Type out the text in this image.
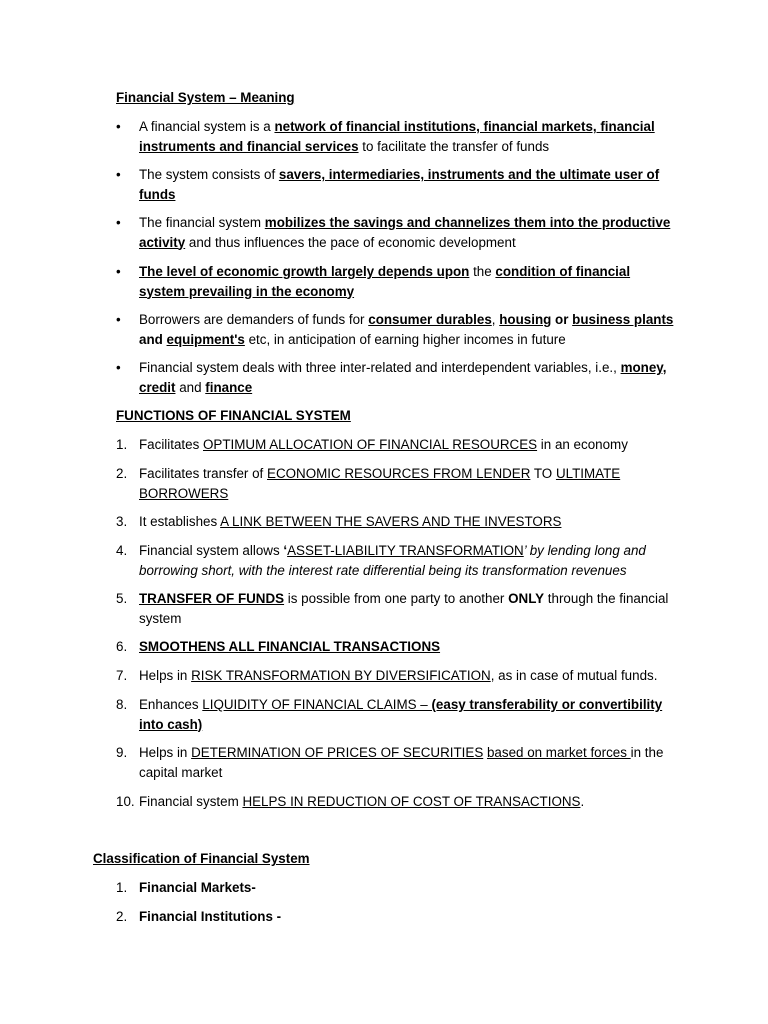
Financial System – Meaning
•	A financial system is a network of financial institutions, financial markets, financial instruments and financial services to facilitate the transfer of funds
•	The system consists of savers, intermediaries, instruments and the ultimate user of funds
•	The financial system mobilizes the savings and channelizes them into the productive activity and thus influences the pace of economic development
•	The level of economic growth largely depends upon the condition of financial system prevailing in the economy
•	Borrowers are demanders of funds for consumer durables, housing or business plants and equipment's etc, in anticipation of earning higher incomes in future
•	Financial system deals with three inter-related and interdependent variables, i.e., money, credit and finance
FUNCTIONS OF FINANCIAL SYSTEM
1. Facilitates OPTIMUM ALLOCATION OF FINANCIAL RESOURCES in an economy
2. Facilitates transfer of ECONOMIC RESOURCES FROM LENDER TO ULTIMATE BORROWERS
3. It establishes A LINK BETWEEN THE SAVERS AND THE INVESTORS
4. Financial system allows ‘ASSET-LIABILITY TRANSFORMATION’ by lending long and borrowing short, with the interest rate differential being its transformation revenues
5. TRANSFER OF FUNDS is possible from one party to another ONLY through the financial system
6. SMOOTHENS ALL FINANCIAL TRANSACTIONS
7. Helps in RISK TRANSFORMATION BY DIVERSIFICATION, as in case of mutual funds.
8. Enhances LIQUIDITY OF FINANCIAL CLAIMS – (easy transferability or convertibility into cash)
9. Helps in DETERMINATION OF PRICES OF SECURITIES based on market forces in the capital market
10. Financial system HELPS IN REDUCTION OF COST OF TRANSACTIONS.
Classification of Financial System
1. Financial Markets-
2. Financial Institutions -
